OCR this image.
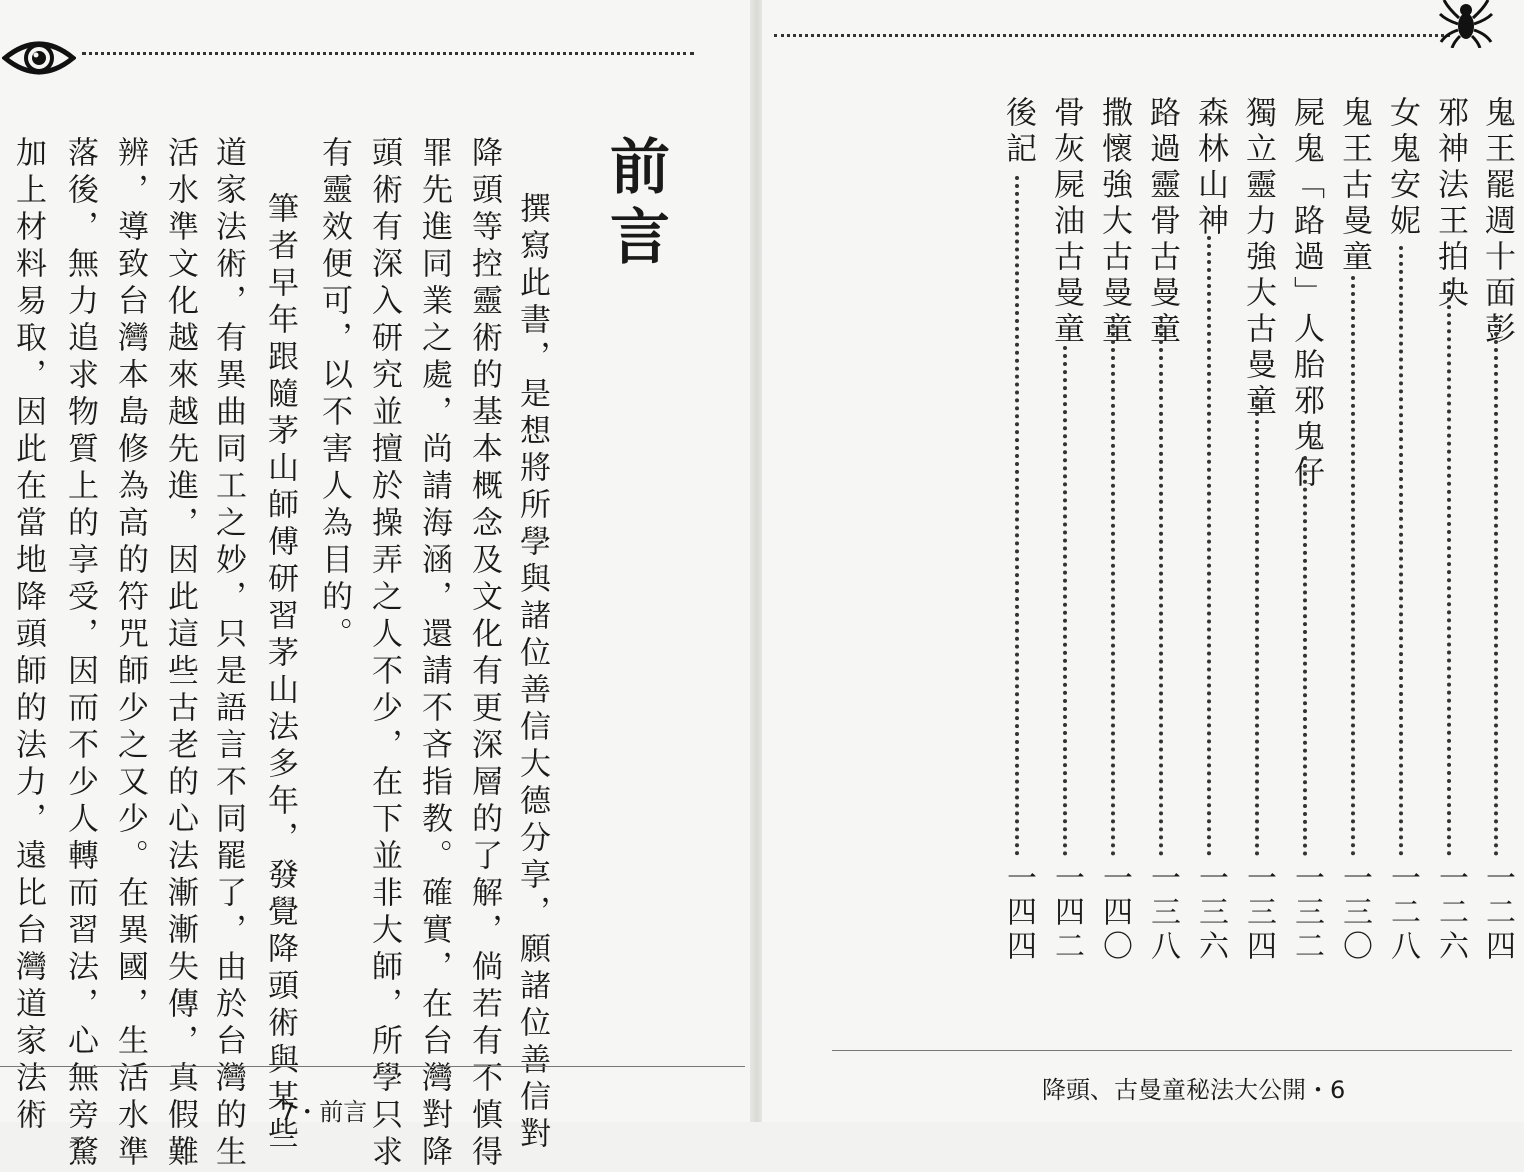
前言
撰寫此書，是想將所學與諸位善信大德分享，願諸位善信對
降頭等控靈術的基本概念及文化有更深層的了解，倘若有不慎得
罪先進同業之處，尚請海涵，還請不吝指教。確實，在台灣對降
頭術有深入研究並擅於操弄之人不少，在下並非大師，所學只求
有靈效便可，以不害人為目的。
筆者早年跟隨茅山師傅研習茅山法多年，發覺降頭術與某些
道家法術，有異曲同工之妙，只是語言不同罷了，由於台灣的生
活水準文化越來越先進，因此這些古老的心法漸漸失傳，真假難
辨，導致台灣本島修為高的符咒師少之又少。在異國，生活水準
落後，無力追求物質上的享受，因而不少人轉而習法，心無旁騖
加上材料易取，因此在當地降頭師的法力，遠比台灣道家法術	7・前言
鬼王罷週十面彭
一二四
邪神法王拍央
一二六
女鬼安妮
一二八
鬼王古曼童
一三〇
屍鬼「路過」人胎邪鬼仔
一三二
獨立靈力強大古曼童
一三四
森林山神
一三六
路過靈骨古曼童
一三八
撒懷強大古曼童
一四〇
骨灰屍油古曼童
一四二
後記
一四四
降頭、古曼童秘法大公開・6
